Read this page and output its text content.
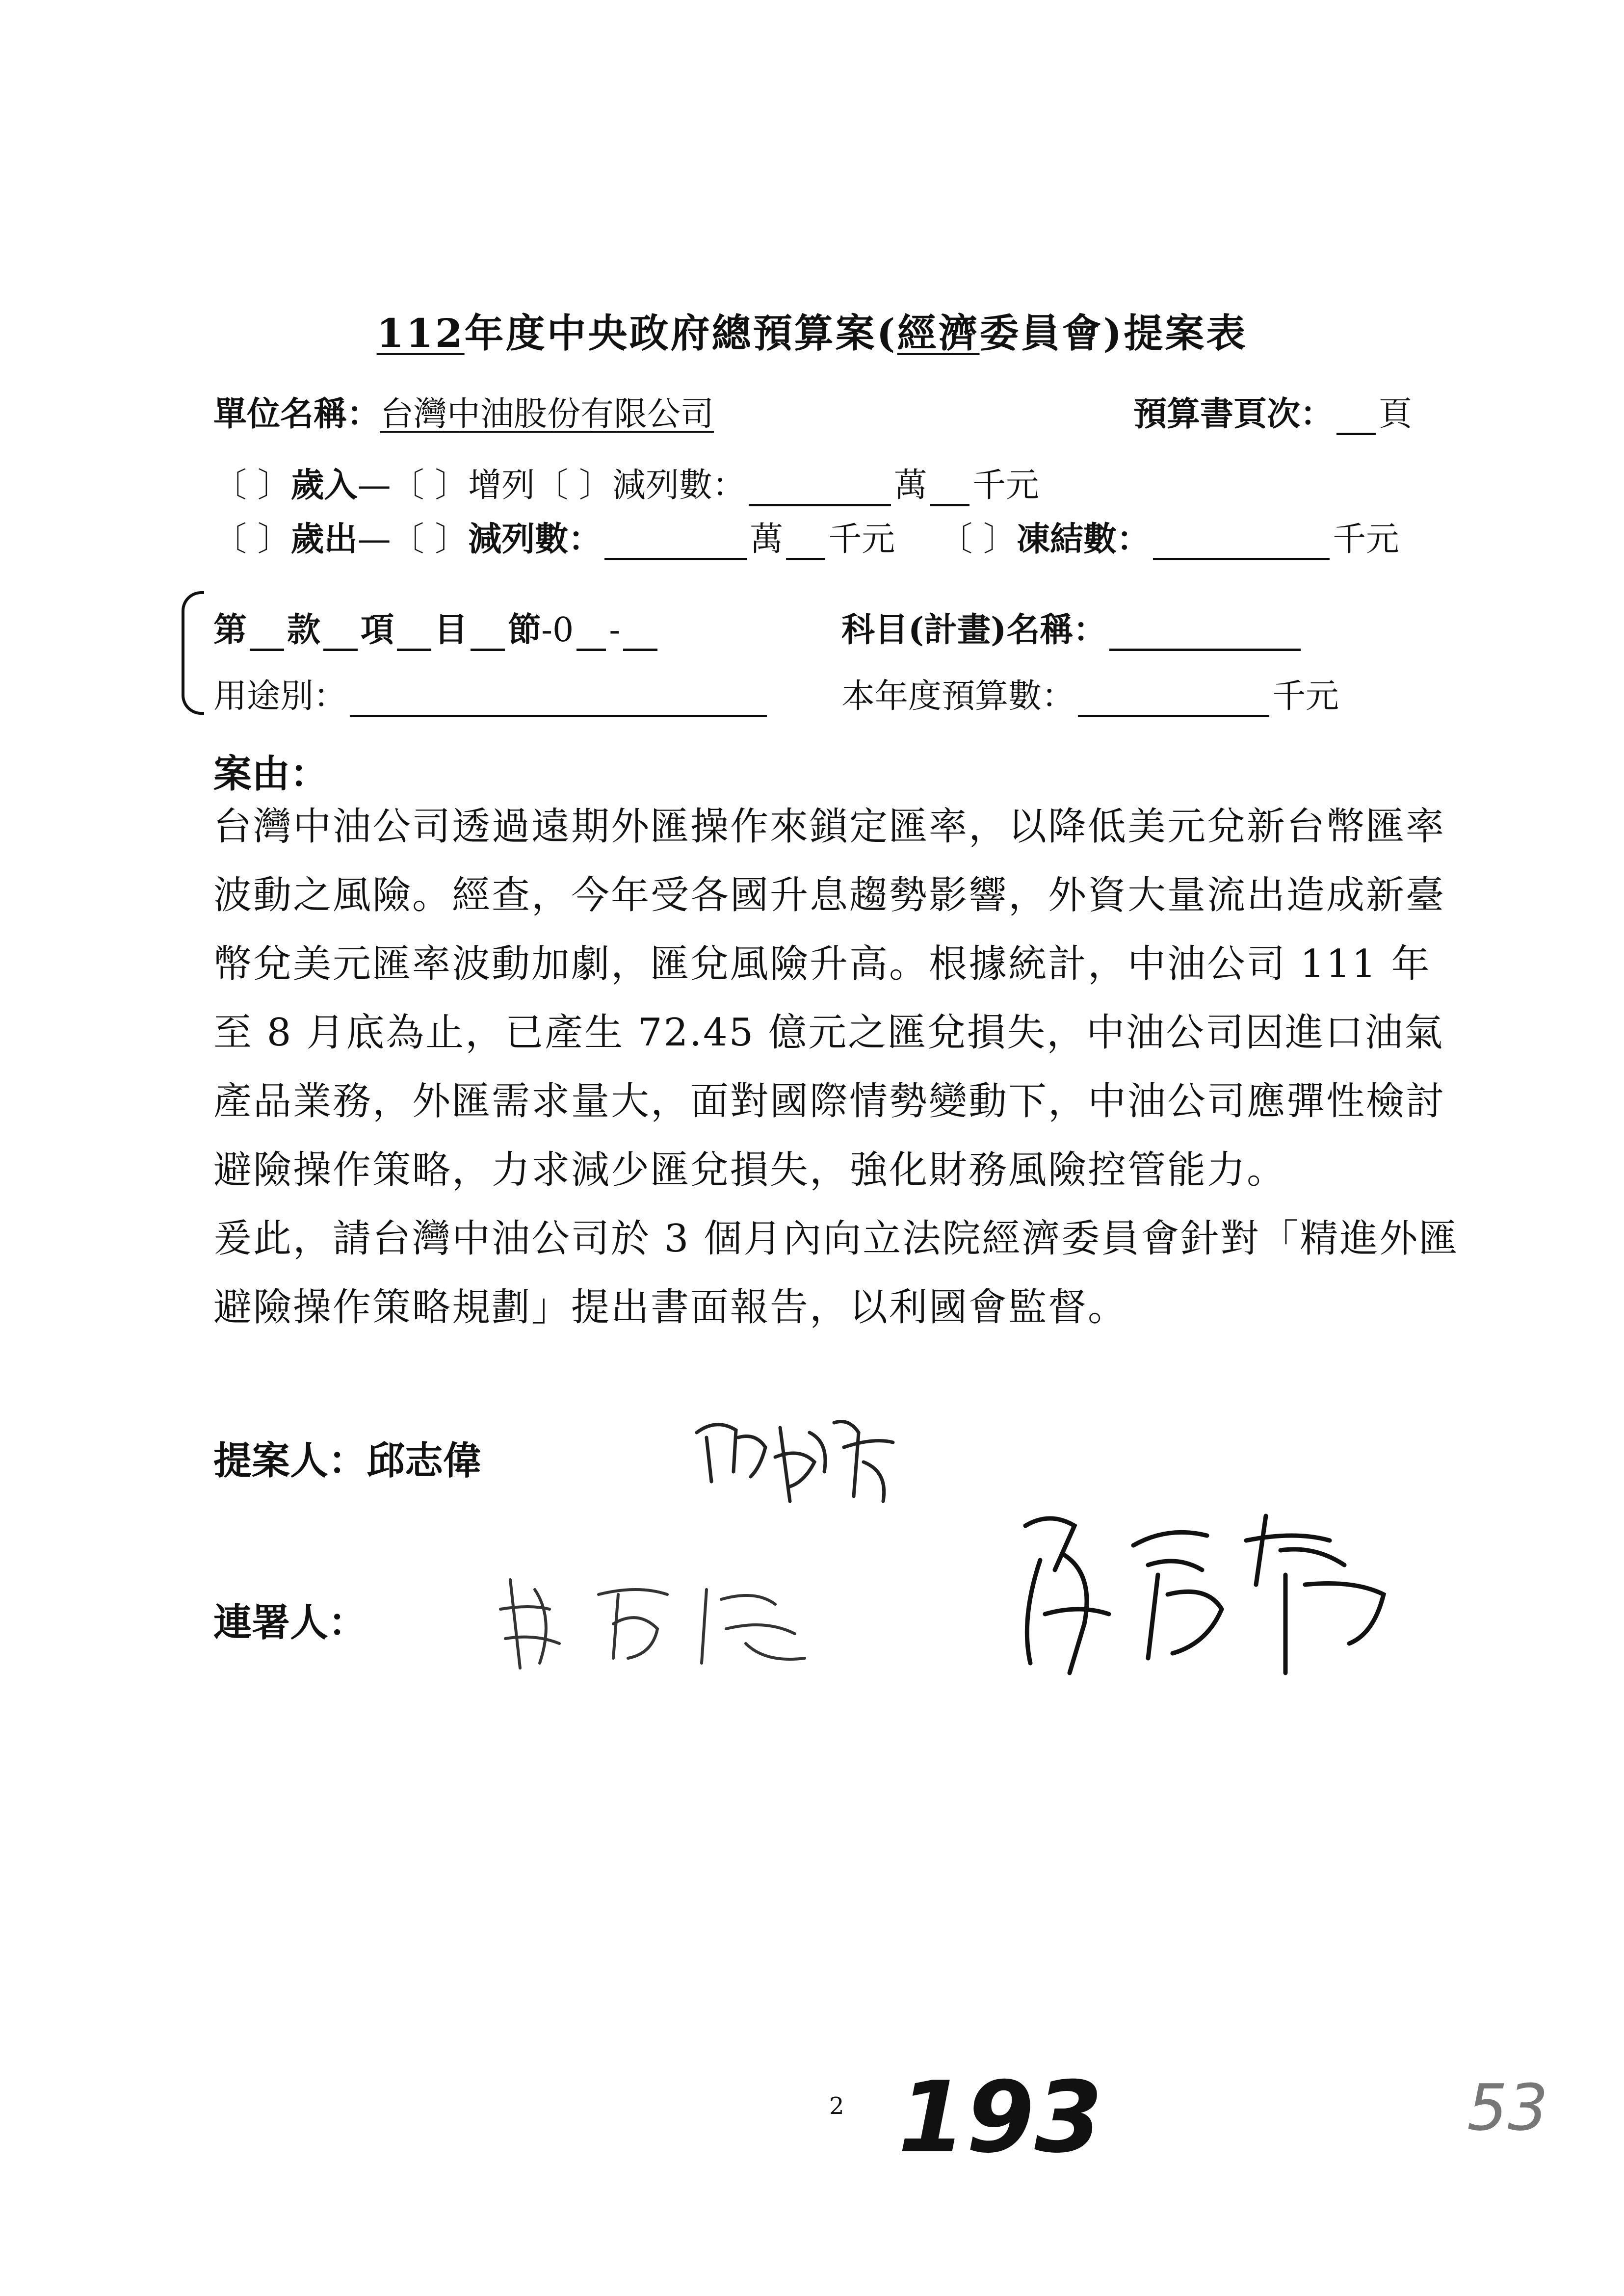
112年度中央政府總預算案(經濟委員會)提案表
單位名稱：台灣中油股份有限公司	預算書頁次： 頁
〔 〕歲入—〔 〕增列〔 〕減列數：	萬 千元
〔 〕歲出—〔 〕減列數：	萬 千元 〔 〕凍結數：	千元
第 款 項 目 節-0 -	科目(計畫)名稱：
用途別：	本年度預算數：	千元
案由：

台灣中油公司透過遠期外匯操作來鎖定匯率，以降低美元兌新台幣匯率波動之風險。經查，今年受各國升息趨勢影響，外資大量流出造成新臺幣兌美元匯率波動加劇，匯兌風險升高。根據統計，中油公司 111 年至 8 月底為止，已產生 72.45 億元之匯兌損失，中油公司因進口油氣產品業務，外匯需求量大，面對國際情勢變動下，中油公司應彈性檢討避險操作策略，力求減少匯兌損失，強化財務風險控管能力。

爰此，請台灣中油公司於 3 個月內向立法院經濟委員會針對「精進外匯避險操作策略規劃」提出書面報告，以利國會監督。

提案人：邱志偉
連署人：
2 193	53
